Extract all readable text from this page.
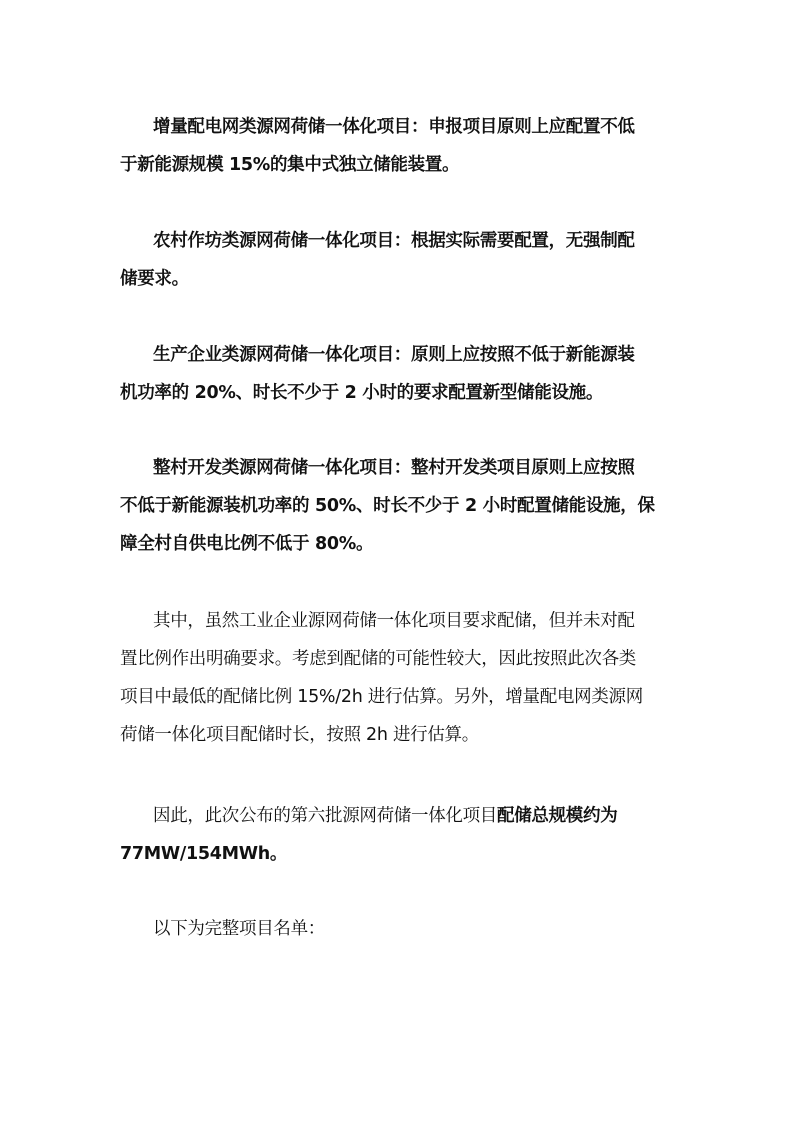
增量配电网类源网荷储一体化项目：申报项目原则上应配置不低
于新能源规模 15%的集中式独立储能装置。
农村作坊类源网荷储一体化项目：根据实际需要配置，无强制配
储要求。
生产企业类源网荷储一体化项目：原则上应按照不低于新能源装
机功率的 20%、时长不少于 2 小时的要求配置新型储能设施。
整村开发类源网荷储一体化项目：整村开发类项目原则上应按照
不低于新能源装机功率的 50%、时长不少于 2 小时配置储能设施，保
障全村自供电比例不低于 80%。
其中，虽然工业企业源网荷储一体化项目要求配储，但并未对配
置比例作出明确要求。考虑到配储的可能性较大，因此按照此次各类
项目中最低的配储比例 15%/2h 进行估算。另外，增量配电网类源网
荷储一体化项目配储时长，按照 2h 进行估算。
因此，此次公布的第六批源网荷储一体化项目配储总规模约为
77MW/154MWh。
以下为完整项目名单：
